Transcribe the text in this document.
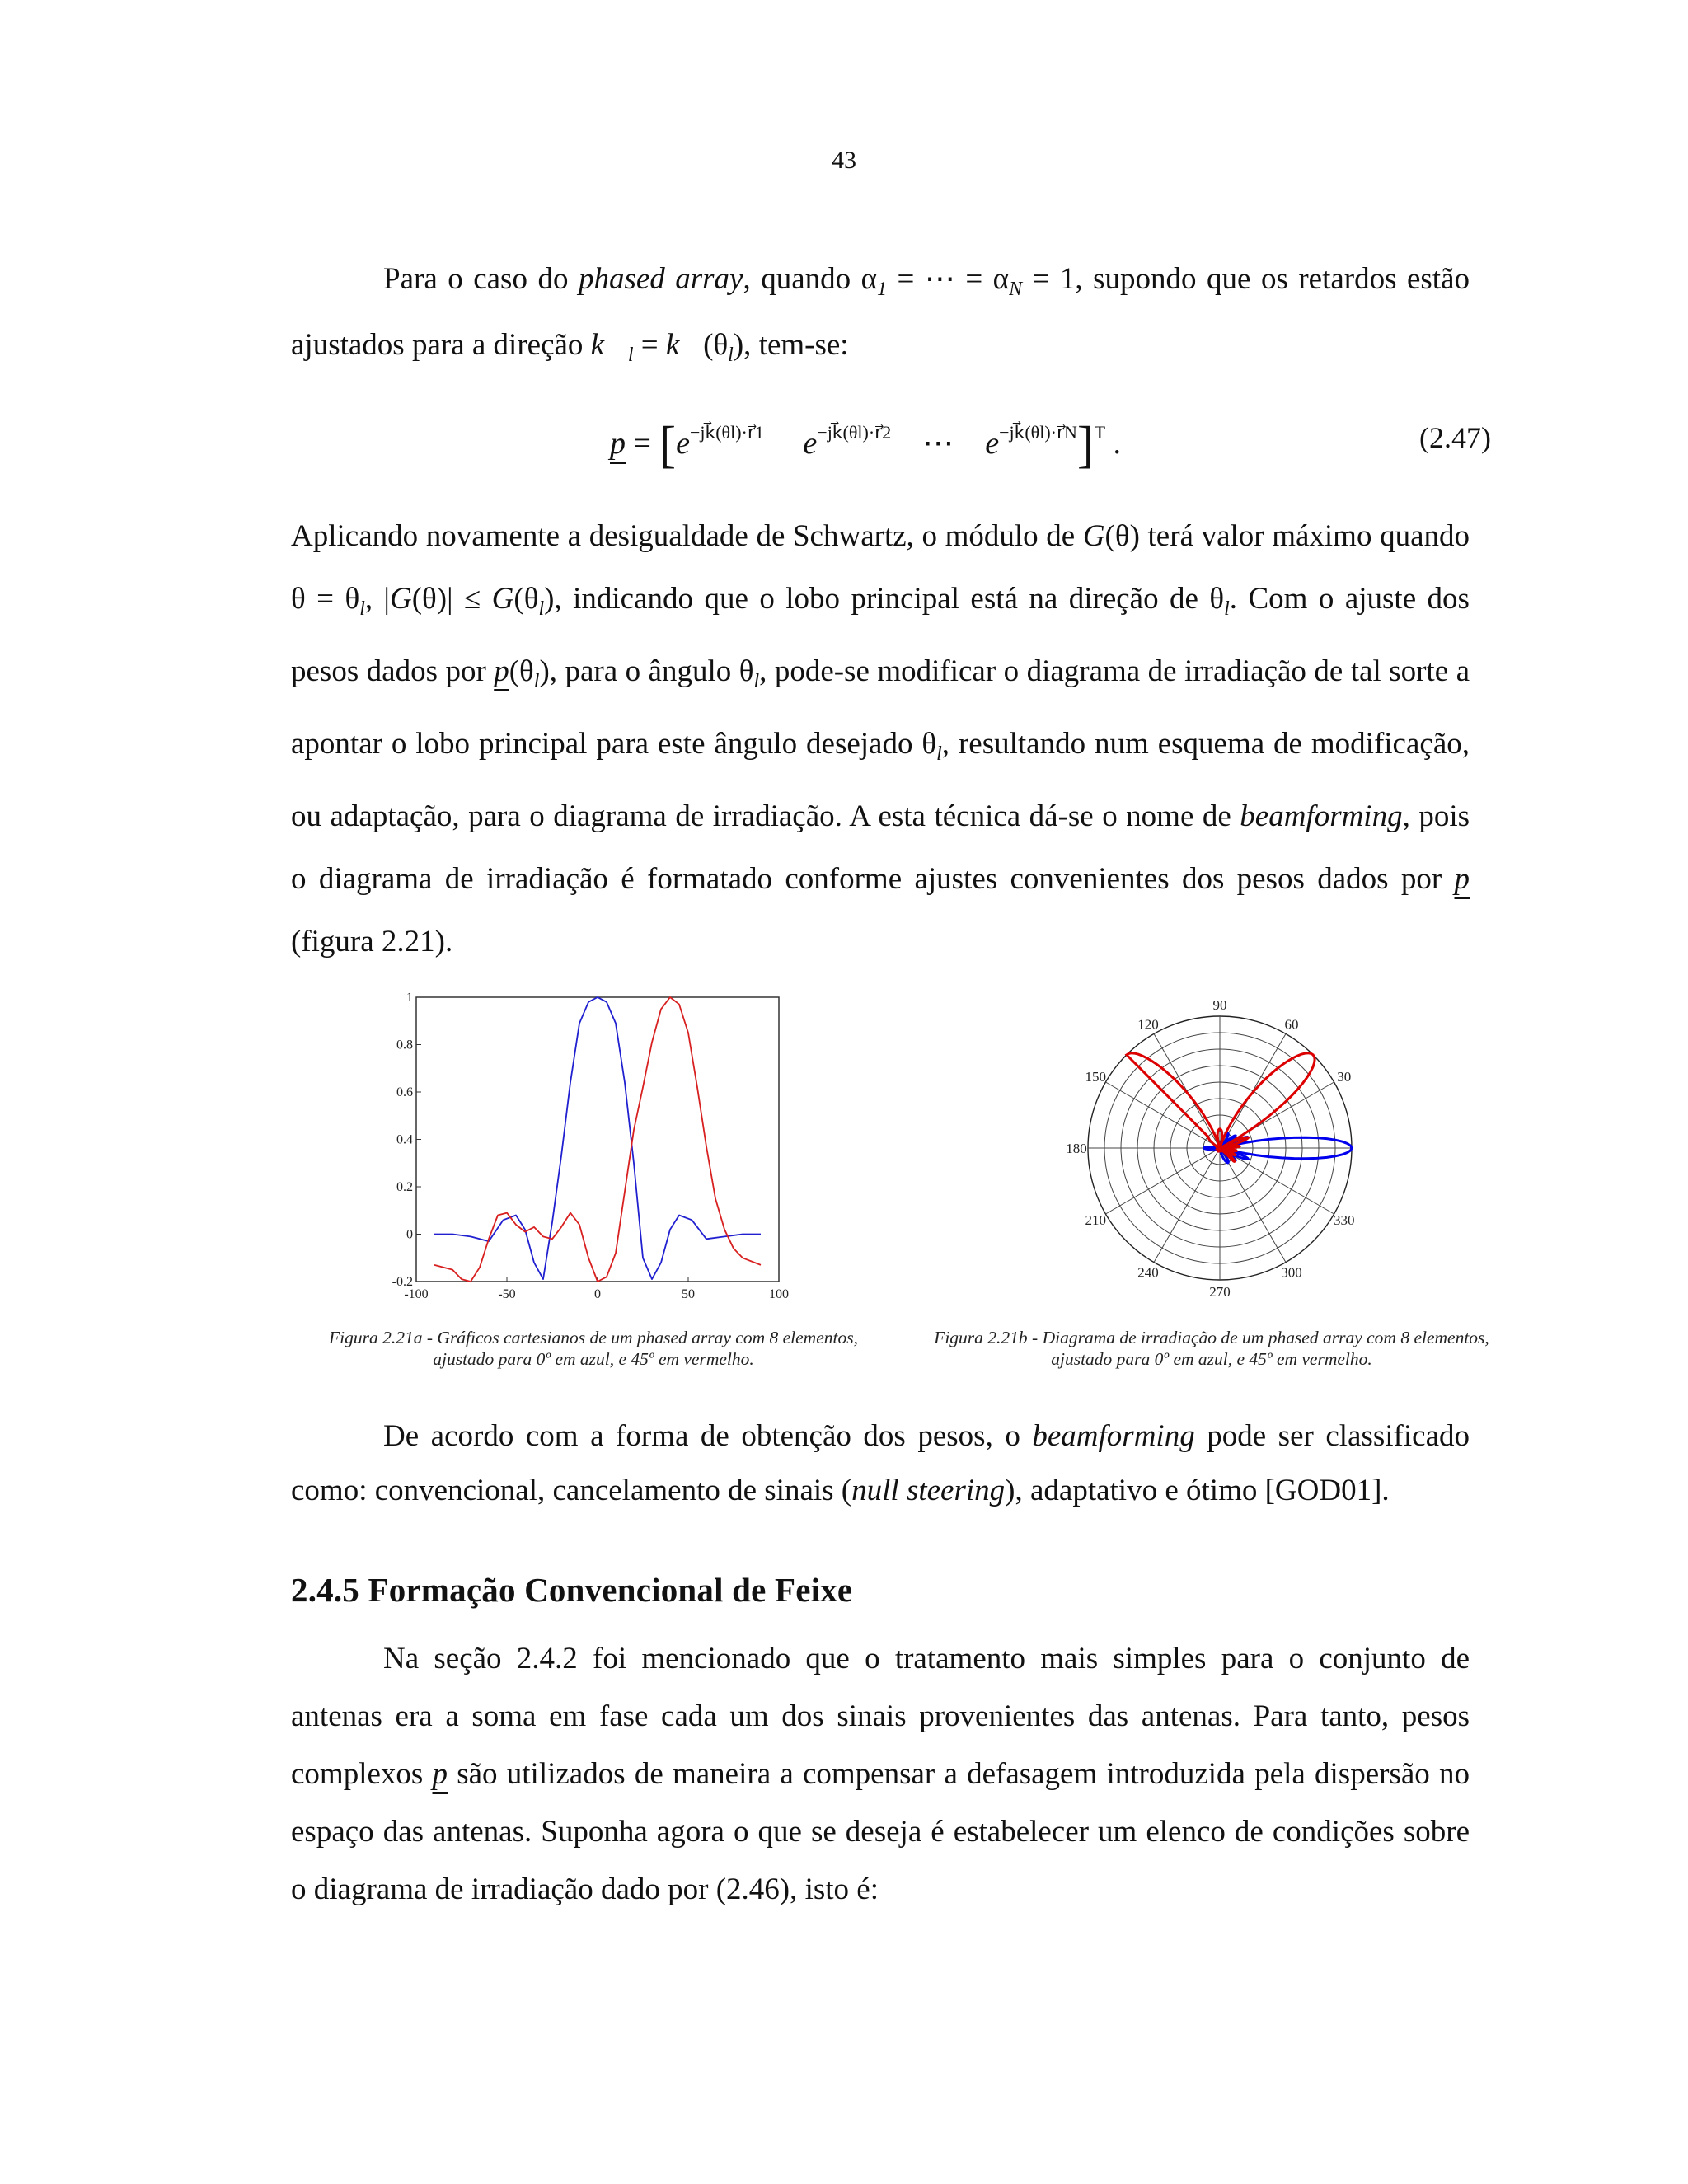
43

Para o caso do phased array, quando $\alpha_1$ = ⋯ = $\alpha_N = 1$, supondo que os retardos estão ajustados para a direção $k⃗_l$ = $k⃗(\theta_l)$, tem-se:

$p = [e^{-jk⃗(\theta l)\cdot r⃗1}$ $e^{-jk⃗(\theta l)\cdot r⃗2}$ ⋯ $e^{-jk⃗(\theta l)\cdot r⃗N}]^T$ .	(2.47)

Aplicando novamente a desigualdade de Schwartz, o módulo de G(θ) terá valor máximo quando $\theta = \theta_l$, $|G(\theta)| \le G(\theta_l)$, indicando que o lobo principal está na direção de $\theta_l$. Com o ajuste dos pesos dados por $p(\theta_l)$, para o ângulo $\theta_l$, pode-se modificar o diagrama de irradiação de tal sorte a apontar o lobo principal para este ângulo desejado $\theta_l$, resultando num esquema de modificação, ou adaptação, para o diagrama de irradiação. A esta técnica dá-se o nome de beamforming, pois o diagrama de irradiação é formatado conforme ajustes convenientes dos pesos dados por p (figura 2.21).

-100	-50	0	50	100
1
0.8
0.6
0.4
0.2
0
-0.2
Figura 2.21a - Gráficos cartesianos de um phased array com 8 elementos, ajustado para 0º em azul, e 45º em vermelho.
30
60
90
120
150
180
210
240
270
300
330
Figura 2.21b - Diagrama de irradiação de um phased array com 8 elementos, ajustado para 0º em azul, e 45º em vermelho.

De acordo com a forma de obtenção dos pesos, o beamforming pode ser classificado como: convencional, cancelamento de sinais (null steering), adaptativo e ótimo [GOD01].

2.4.5 Formação Convencional de Feixe

Na seção 2.4.2 foi mencionado que o tratamento mais simples para o conjunto de antenas era a soma em fase cada um dos sinais provenientes das antenas. Para tanto, pesos complexos p são utilizados de maneira a compensar a defasagem introduzida pela dispersão no espaço das antenas. Suponha agora o que se deseja é estabelecer um elenco de condições sobre o diagrama de irradiação dado por (2.46), isto é:
